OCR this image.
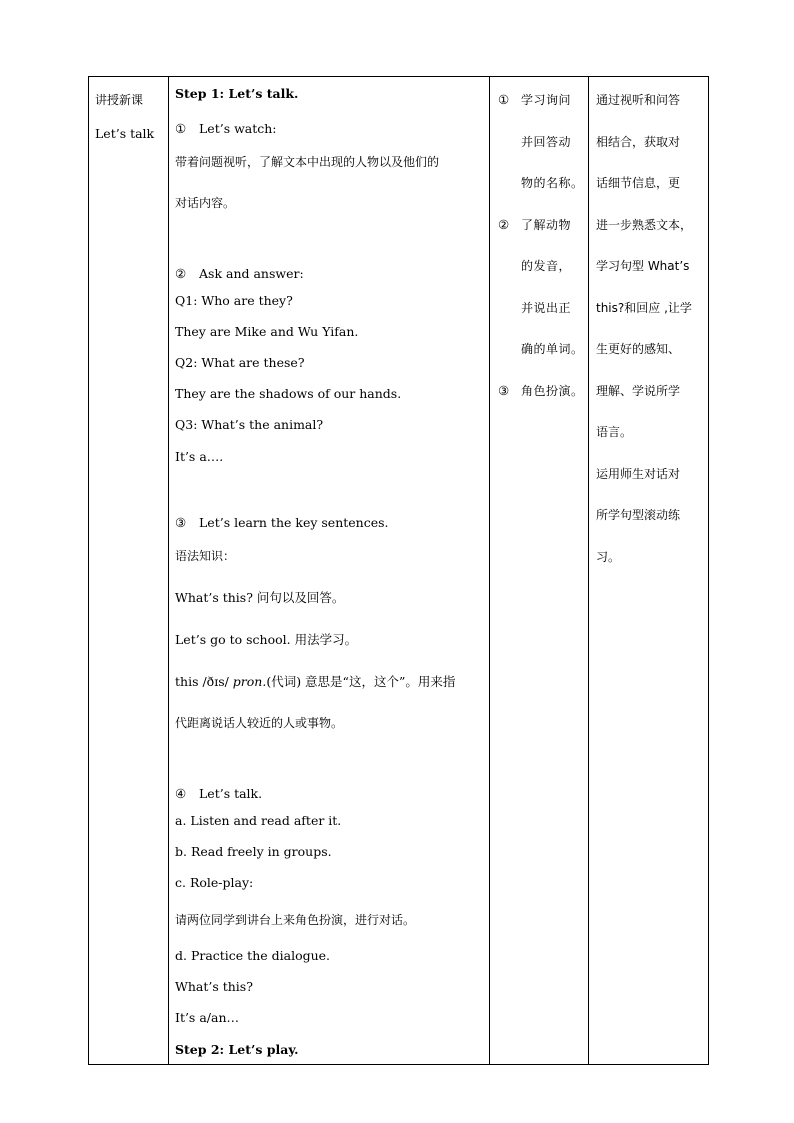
讲授新课
Let’s talk

Step 1: Let’s talk.
① Let’s watch:
带着问题视听，了解文本中出现的人物以及他们的
对话内容。
② Ask and answer:
Q1: Who are they?
They are Mike and Wu Yifan.
Q2: What are these?
They are the shadows of our hands.
Q3: What’s the animal?
It’s a….
③ Let’s learn the key sentences.
语法知识：
What’s this? 问句以及回答。
Let’s go to school. 用法学习。
this /ðɪs/ pron.(代词) 意思是“这，这个”。用来指
代距离说话人较近的人或事物。
④ Let’s talk.
a. Listen and read after it.
b. Read freely in groups.
c. Role-play:
请两位同学到讲台上来角色扮演，进行对话。
d. Practice the dialogue.
What’s this?
It’s a/an…
Step 2: Let’s play.

① 学习询问
并回答动
物的名称。
② 了解动物
的发音，
并说出正
确的单词。
③ 角色扮演。

通过视听和问答
相结合，获取对
话细节信息，更
进一步熟悉文本，
学习句型 What’s
this?和回应 ,让学
生更好的感知、
理解、学说所学
语言。
运用师生对话对
所学句型滚动练
习。
